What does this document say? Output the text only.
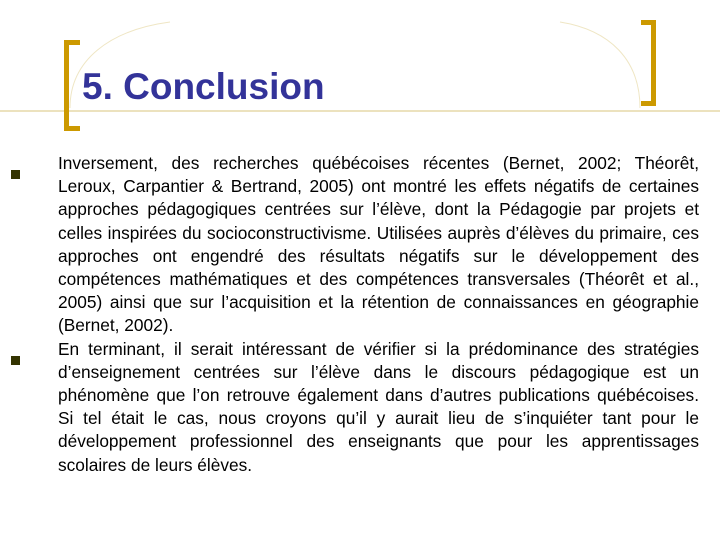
5. Conclusion
Inversement, des recherches québécoises récentes (Bernet, 2002; Théorêt, Leroux, Carpantier & Bertrand, 2005) ont montré les effets négatifs de certaines approches pédagogiques centrées sur l’élève, dont la Pédagogie par projets et celles inspirées du socioconstructivisme. Utilisées auprès d’élèves du primaire, ces approches ont engendré des résultats négatifs sur le développement des compétences mathématiques et des compétences transversales (Théorêt et al., 2005) ainsi que sur l’acquisition et la rétention de connaissances en géographie (Bernet, 2002).
En terminant, il serait intéressant de vérifier si la prédominance des stratégies d’enseignement centrées sur l’élève dans le discours pédagogique est un phénomène que l’on retrouve également dans d’autres publications québécoises. Si tel était le cas, nous croyons qu’il y aurait lieu de s’inquiéter tant pour le développement professionnel des enseignants que pour les apprentissages scolaires de leurs élèves.
